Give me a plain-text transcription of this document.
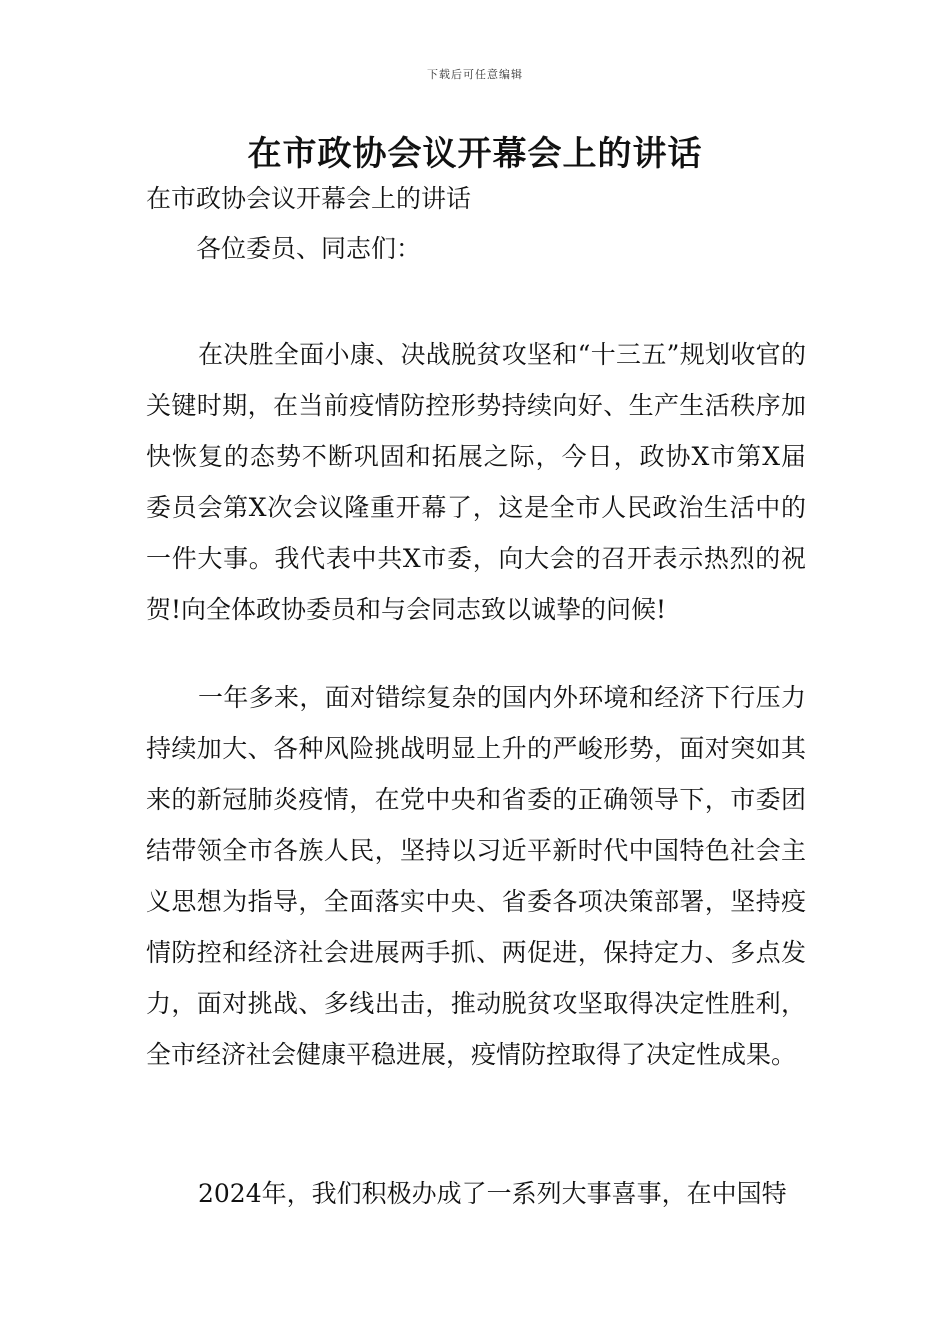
下载后可任意编辑
在市政协会议开幕会上的讲话
在市政协会议开幕会上的讲话
各位委员、同志们：

在决胜全面小康、决战脱贫攻坚和“十三五”规划收官的关键时期，在当前疫情防控形势持续向好、生产生活秩序加快恢复的态势不断巩固和拓展之际，今日，政协X市第X届委员会第X次会议隆重开幕了，这是全市人民政治生活中的一件大事。我代表中共X市委，向大会的召开表示热烈的祝贺!向全体政协委员和与会同志致以诚挚的问候!

一年多来，面对错综复杂的国内外环境和经济下行压力持续加大、各种风险挑战明显上升的严峻形势，面对突如其来的新冠肺炎疫情，在党中央和省委的正确领导下，市委团结带领全市各族人民，坚持以习近平新时代中国特色社会主义思想为指导，全面落实中央、省委各项决策部署，坚持疫情防控和经济社会进展两手抓、两促进，保持定力、多点发力，面对挑战、多线出击，推动脱贫攻坚取得决定性胜利，全市经济社会健康平稳进展，疫情防控取得了决定性成果。

2024年，我们积极办成了一系列大事喜事，在中国特
